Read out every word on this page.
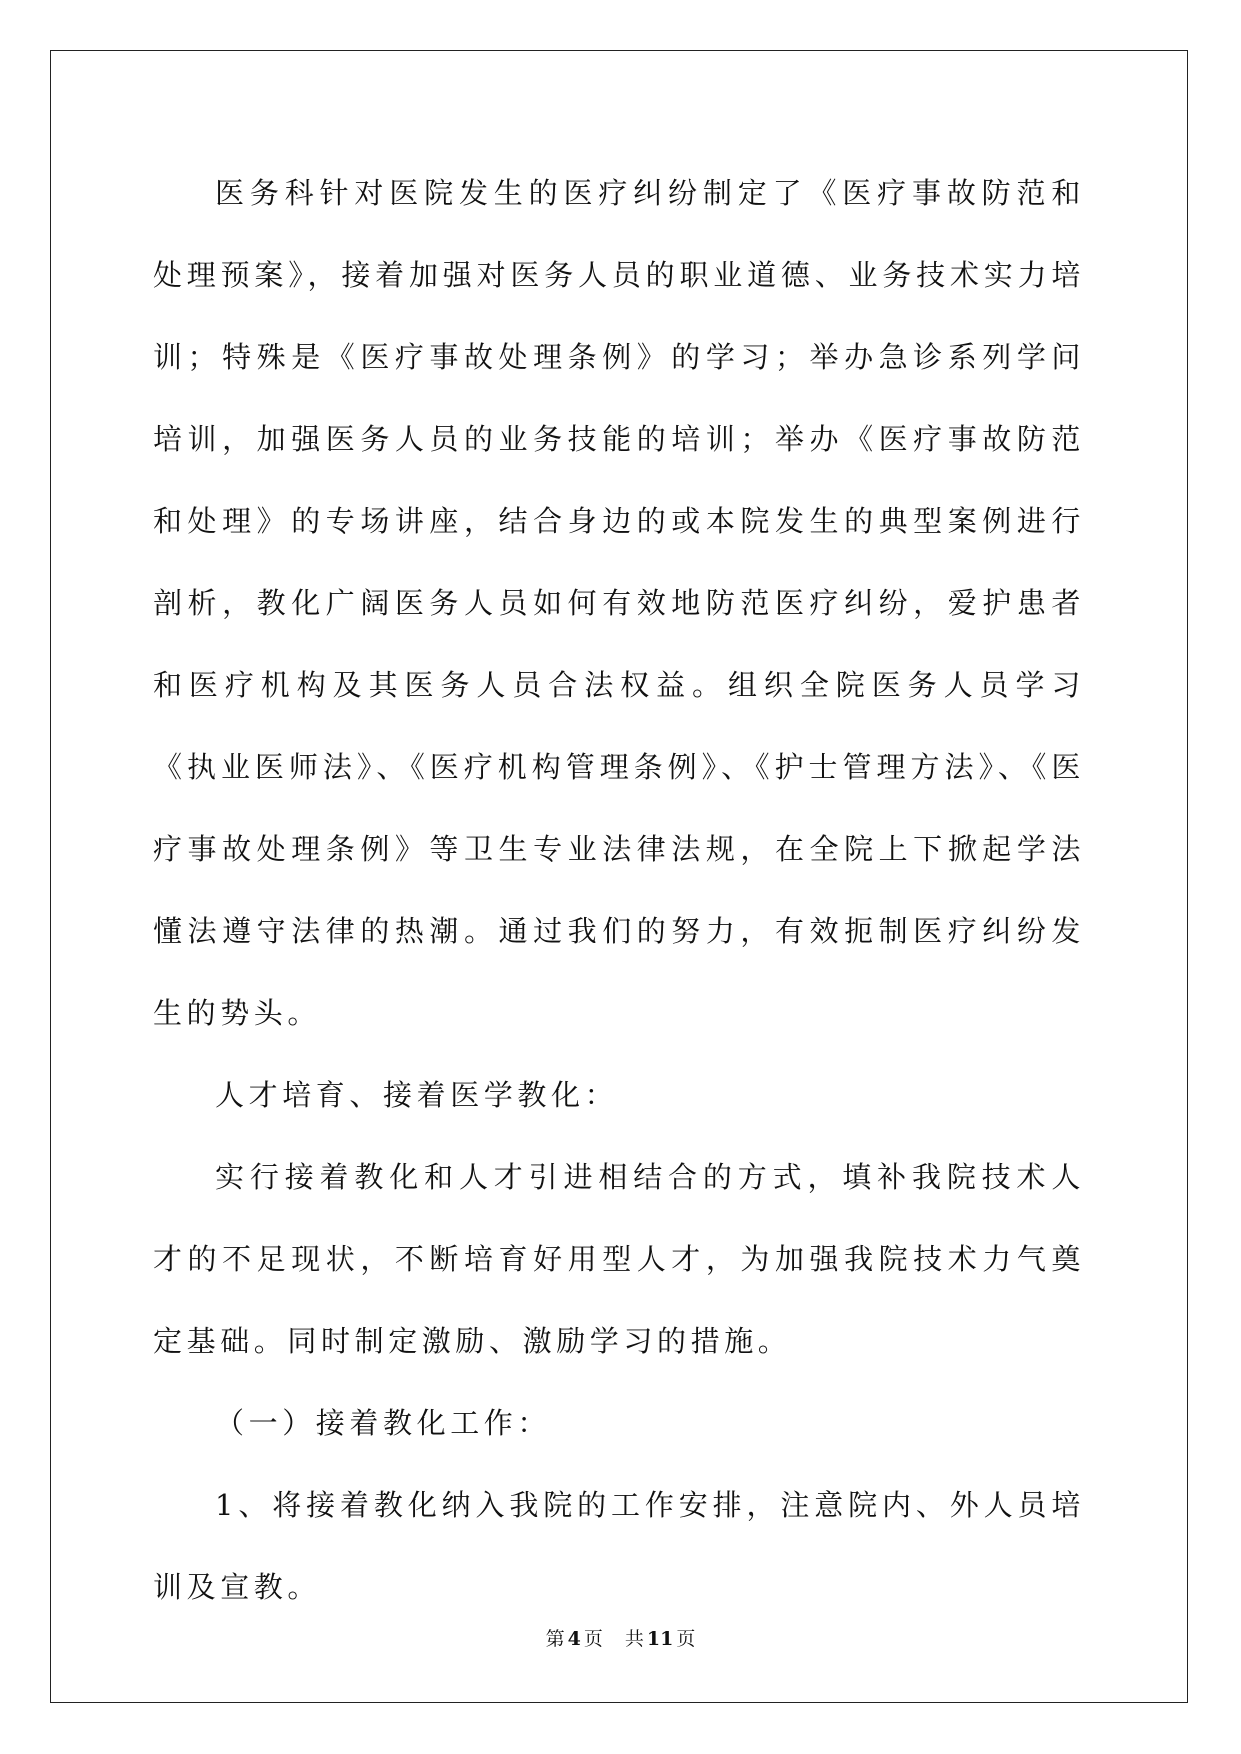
医务科针对医院发生的医疗纠纷制定了《医疗事故防范和处理预案》，接着加强对医务人员的职业道德、业务技术实力培训；特殊是《医疗事故处理条例》的学习；举办急诊系列学问培训，加强医务人员的业务技能的培训；举办《医疗事故防范和处理》的专场讲座，结合身边的或本院发生的典型案例进行剖析，教化广阔医务人员如何有效地防范医疗纠纷，爱护患者和医疗机构及其医务人员合法权益。组织全院医务人员学习《执业医师法》、《医疗机构管理条例》、《护士管理方法》、《医疗事故处理条例》等卫生专业法律法规，在全院上下掀起学法懂法遵守法律的热潮。通过我们的努力，有效扼制医疗纠纷发生的势头。

人才培育、接着医学教化：

实行接着教化和人才引进相结合的方式，填补我院技术人才的不足现状，不断培育好用型人才，为加强我院技术力气奠定基础。同时制定激励、激励学习的措施。

（一）接着教化工作：

1、将接着教化纳入我院的工作安排，注意院内、外人员培训及宣教。

第 4 页 共 11 页
